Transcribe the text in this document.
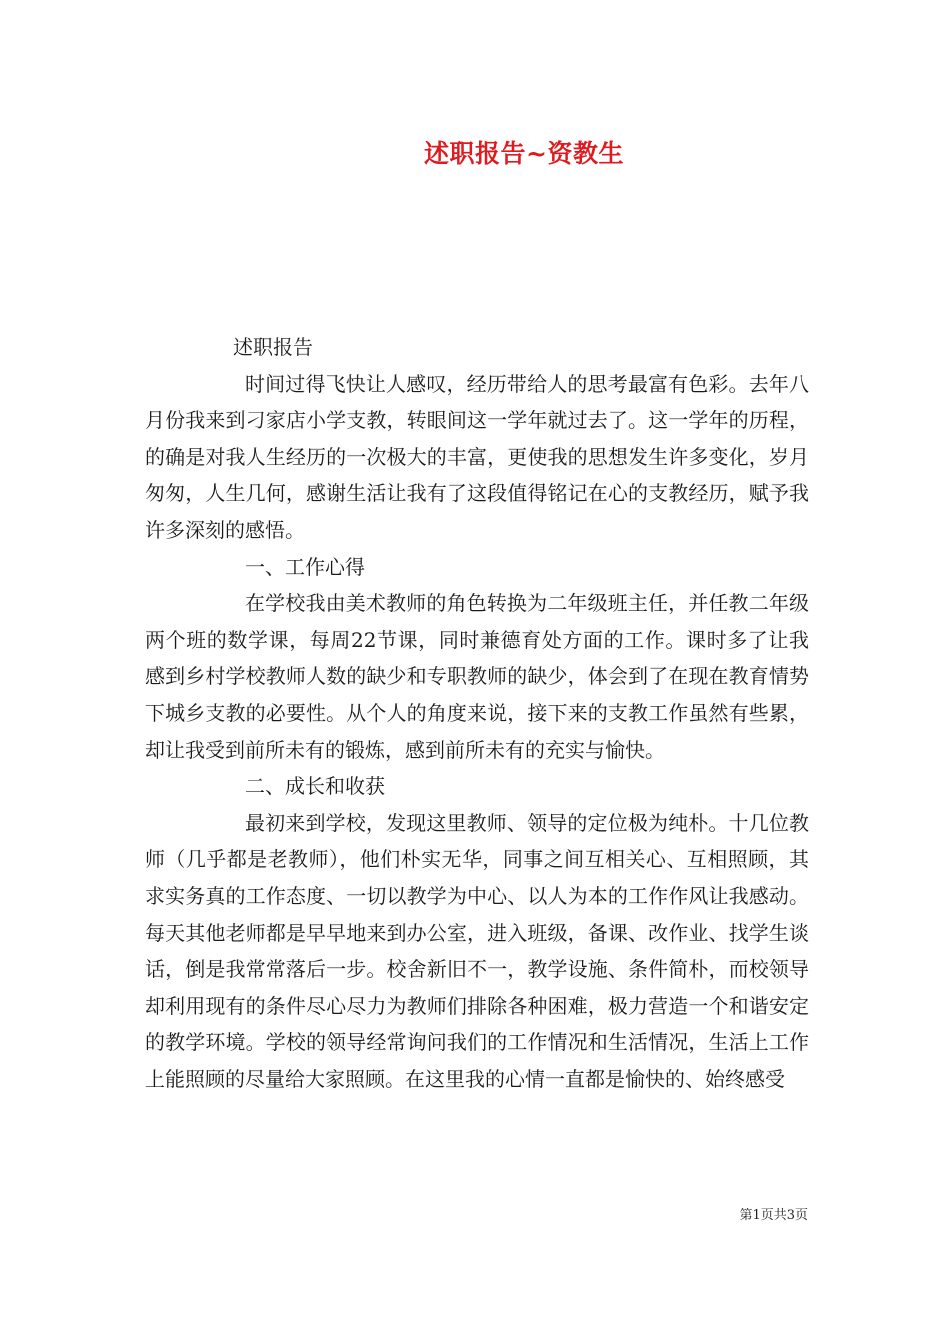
述职报告~资教生

述职报告

时间过得飞快让人感叹，经历带给人的思考最富有色彩。去年八月份我来到刁家店小学支教，转眼间这一学年就过去了。这一学年的历程，的确是对我人生经历的一次极大的丰富，更使我的思想发生许多变化，岁月匆匆，人生几何，感谢生活让我有了这段值得铭记在心的支教经历，赋予我许多深刻的感悟。

一、工作心得

在学校我由美术教师的角色转换为二年级班主任，并任教二年级两个班的数学课，每周22节课，同时兼德育处方面的工作。课时多了让我感到乡村学校教师人数的缺少和专职教师的缺少，体会到了在现在教育情势下城乡支教的必要性。从个人的角度来说，接下来的支教工作虽然有些累，却让我受到前所未有的锻炼，感到前所未有的充实与愉快。

二、成长和收获

最初来到学校，发现这里教师、领导的定位极为纯朴。十几位教师（几乎都是老教师），他们朴实无华，同事之间互相关心、互相照顾，其求实务真的工作态度、一切以教学为中心、以人为本的工作作风让我感动。每天其他老师都是早早地来到办公室，进入班级，备课、改作业、找学生谈话，倒是我常常落后一步。校舍新旧不一，教学设施、条件简朴，而校领导却利用现有的条件尽心尽力为教师们排除各种困难，极力营造一个和谐安定的教学环境。学校的领导经常询问我们的工作情况和生活情况，生活上工作上能照顾的尽量给大家照顾。在这里我的心情一直都是愉快的、始终感受

第1页共3页
